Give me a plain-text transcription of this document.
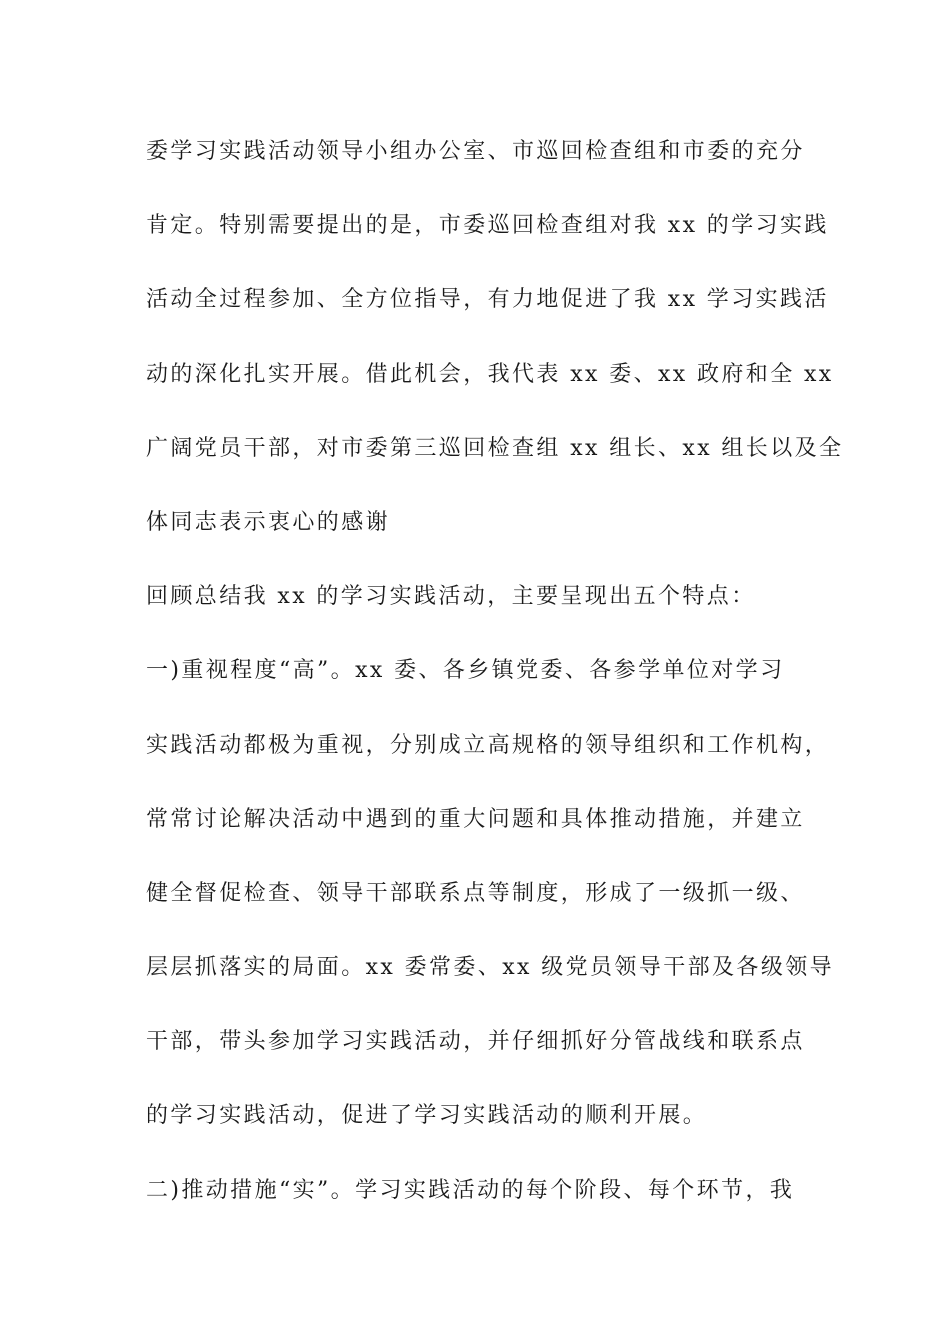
委学习实践活动领导小组办公室、市巡回检查组和市委的充分
肯定。特别需要提出的是，市委巡回检查组对我 xx 的学习实践
活动全过程参加、全方位指导，有力地促进了我 xx 学习实践活
动的深化扎实开展。借此机会，我代表 xx 委、xx 政府和全 xx
广阔党员干部，对市委第三巡回检查组 xx 组长、xx 组长以及全
体同志表示衷心的感谢
回顾总结我 xx 的学习实践活动，主要呈现出五个特点：
一)重视程度“高”。xx 委、各乡镇党委、各参学单位对学习
实践活动都极为重视，分别成立高规格的领导组织和工作机构，
常常讨论解决活动中遇到的重大问题和具体推动措施，并建立
健全督促检查、领导干部联系点等制度，形成了一级抓一级、
层层抓落实的局面。xx 委常委、xx 级党员领导干部及各级领导
干部，带头参加学习实践活动，并仔细抓好分管战线和联系点
的学习实践活动，促进了学习实践活动的顺利开展。
二)推动措施“实”。学习实践活动的每个阶段、每个环节，我
